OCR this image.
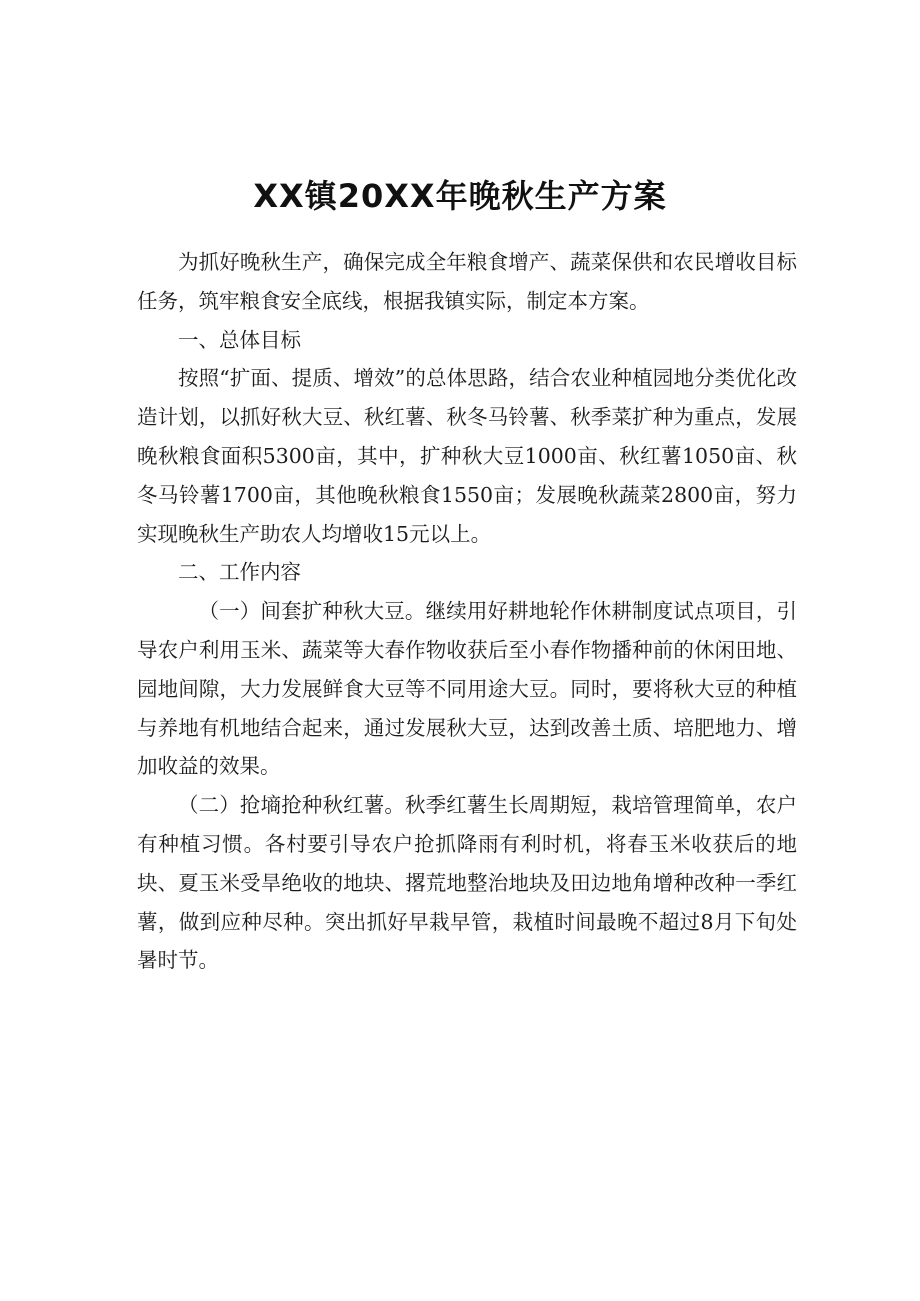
XX镇20XX年晚秋生产方案

为抓好晚秋生产，确保完成全年粮食增产、蔬菜保供和农民增收目标任务，筑牢粮食安全底线，根据我镇实际，制定本方案。

一、总体目标

按照“扩面、提质、增效”的总体思路，结合农业种植园地分类优化改造计划，以抓好秋大豆、秋红薯、秋冬马铃薯、秋季菜扩种为重点，发展晚秋粮食面积5300亩，其中，扩种秋大豆1000亩、秋红薯1050亩、秋冬马铃薯1700亩，其他晚秋粮食1550亩；发展晚秋蔬菜2800亩，努力实现晚秋生产助农人均增收15元以上。

二、工作内容

（一）间套扩种秋大豆。继续用好耕地轮作休耕制度试点项目，引导农户利用玉米、蔬菜等大春作物收获后至小春作物播种前的休闲田地、园地间隙，大力发展鲜食大豆等不同用途大豆。同时，要将秋大豆的种植与养地有机地结合起来，通过发展秋大豆，达到改善土质、培肥地力、增加收益的效果。

（二）抢墒抢种秋红薯。秋季红薯生长周期短，栽培管理简单，农户有种植习惯。各村要引导农户抢抓降雨有利时机，将春玉米收获后的地块、夏玉米受旱绝收的地块、撂荒地整治地块及田边地角增种改种一季红薯，做到应种尽种。突出抓好早栽早管，栽植时间最晚不超过8月下旬处暑时节。
